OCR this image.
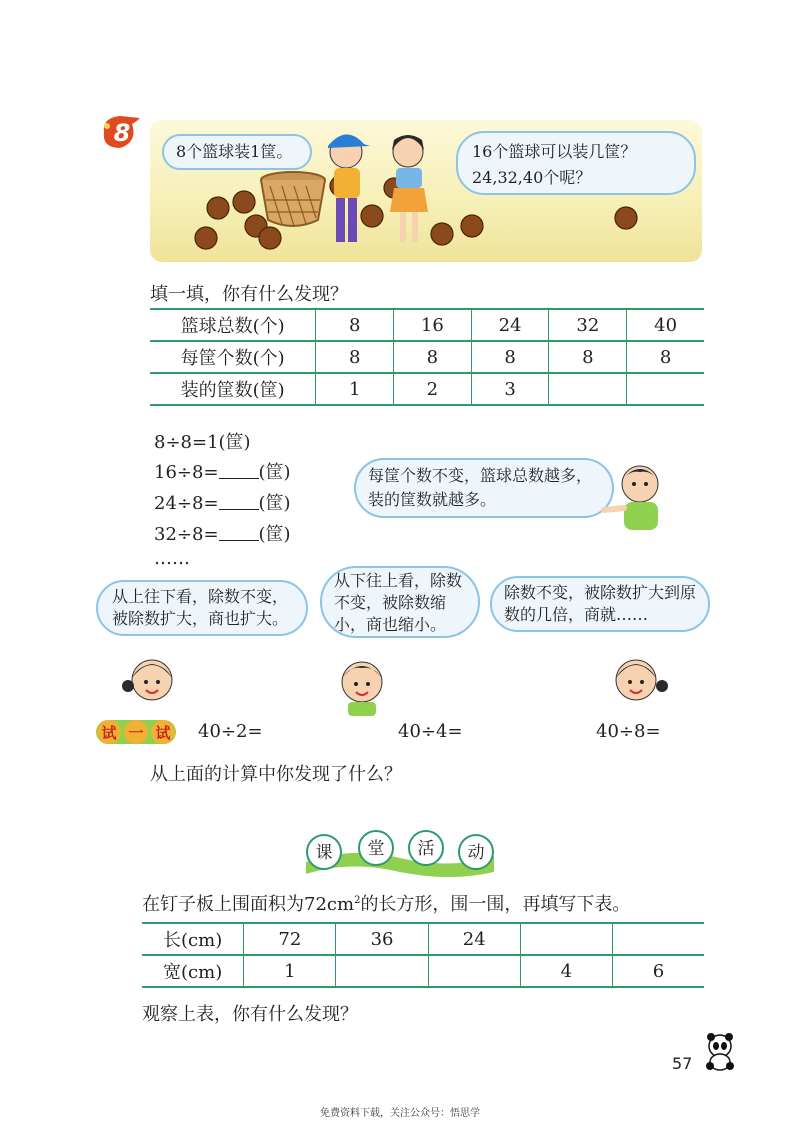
8
8个篮球装1筐。	16个篮球可以装几筐？
24,32,40个呢？
填一填，你有什么发现？
篮球总数(个)	8	16	24	32	40
每筐个数(个)	8	8	8	8	8
装的筐数(筐)	1	2	3		
8÷8=1(筐)
16÷8= (筐)
24÷8= (筐)
32÷8= (筐)
……
每筐个数不变，篮球总数越多，装的筐数就越多。
从上往下看，除数不变，被除数扩大，商也扩大。
从下往上看，除数不变，被除数缩小，商也缩小。
除数不变，被除数扩大到原数的几倍，商就……
试 一 试 40÷2=	40÷4=	40÷8=
从上面的计算中你发现了什么？
课 堂 活 动
在钉子板上围面积为$72cm^2$的长方形，围一围，再填写下表。
长(cm)	72	36	24		
宽(cm)	1			4	6
观察上表，你有什么发现？
57
免费资料下载，关注公众号：悟思学
